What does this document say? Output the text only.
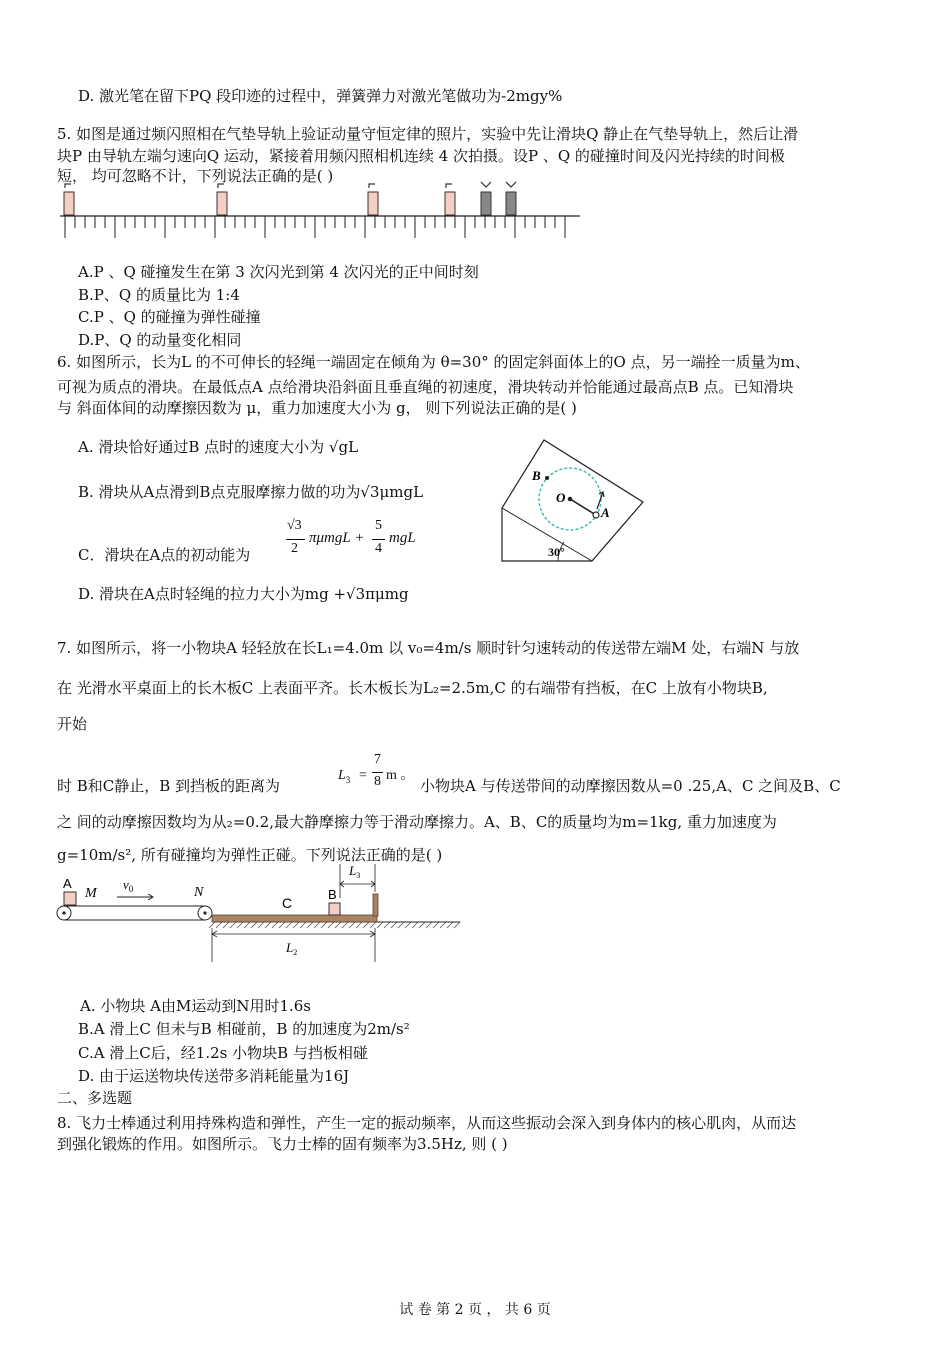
D. 激光笔在留下PQ 段印迹的过程中，弹簧弹力对激光笔做功为-2mgy%
5. 如图是通过频闪照相在气垫导轨上验证动量守恒定律的照片，实验中先让滑块Q 静止在气垫导轨上，然后让滑
块P 由导轨左端匀速向Q 运动，紧接着用频闪照相机连续 4 次拍摄。设P 、Q 的碰撞时间及闪光持续的时间极
短， 均可忽略不计，下列说法正确的是( )
A.P 、Q 碰撞发生在第 3 次闪光到第 4 次闪光的正中间时刻
B.P、Q 的质量比为 1:4
C.P 、Q 的碰撞为弹性碰撞
D.P、Q 的动量变化相同
6. 如图所示，长为L 的不可伸长的轻绳一端固定在倾角为 θ=30° 的固定斜面体上的O 点，另一端拴一质量为m、
可视为质点的滑块。在最低点A 点给滑块沿斜面且垂直绳的初速度，滑块转动并恰能通过最高点B 点。已知滑块
与 斜面体间的动摩擦因数为 μ，重力加速度大小为 g， 则下列说法正确的是( )
A. 滑块恰好通过B 点时的速度大小为 √gL
B. 滑块从A点滑到B点克服摩擦力做的功为√3μmgL
C．滑块在A点的初动能为
√3
2
πμmgL +
5
4
mgL
D. 滑块在A点时轻绳的拉力大小为mg +√3πμmg
B
O
A
30°
7. 如图所示，将一小物块A 轻轻放在长L₁=4.0m 以 v₀=4m/s 顺时针匀速转动的传送带左端M 处，右端N 与放
在 光滑水平桌面上的长木板C 上表面平齐。长木板长为L₂=2.5m,C 的右端带有挡板，在C 上放有小物块B,
开始
时 B和C静止，B 到挡板的距离为
$L_3$ =
7
8 m 。
小物块A 与传送带间的动摩擦因数从=0 .25,A、C 之间及B、C
之 间的动摩擦因数均为从₂=0.2,最大静摩擦力等于滑动摩擦力。A、B、C的质量均为m=1kg, 重力加速度为
g=10m/s², 所有碰撞均为弹性正碰。下列说法正确的是( )
A
M
$v_0$	N
C
B
$L_3$
$L_2$
A. 小物块 A由M运动到N用时1.6s
B.A 滑上C 但未与B 相碰前，B 的加速度为2m/s²
C.A 滑上C后，经1.2s 小物块B 与挡板相碰
D. 由于运送物块传送带多消耗能量为16J
二、多选题
8. 飞力士棒通过利用持殊构造和弹性，产生一定的振动频率，从而这些振动会深入到身体内的核心肌肉，从而达
到强化锻炼的作用。如图所示。飞力士棒的固有频率为3.5Hz, 则 ( )
试 卷 第 2 页 ， 共 6 页
